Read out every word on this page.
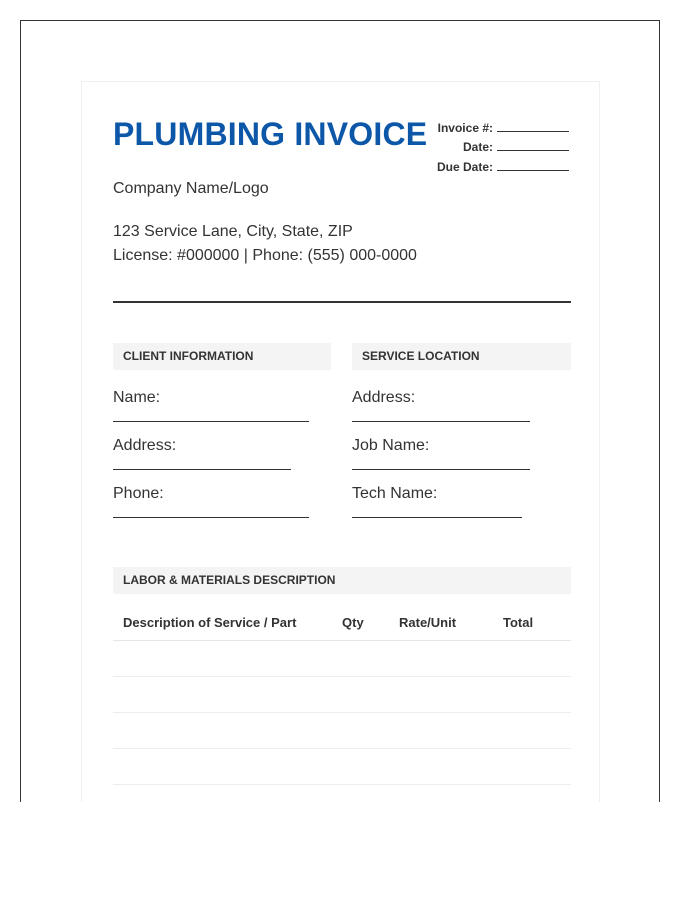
PLUMBING INVOICE Invoice #:
Date:
Due Date:
Company Name/Logo
123 Service Lane, City, State, ZIP
License: #000000 | Phone: (555) 000-0000
CLIENT INFORMATION
Name:
Address:
Phone:
SERVICE LOCATION
Address:
Job Name:
Tech Name:
LABOR & MATERIALS DESCRIPTION
Description of Service / Part	Qty	Rate/Unit	Total
